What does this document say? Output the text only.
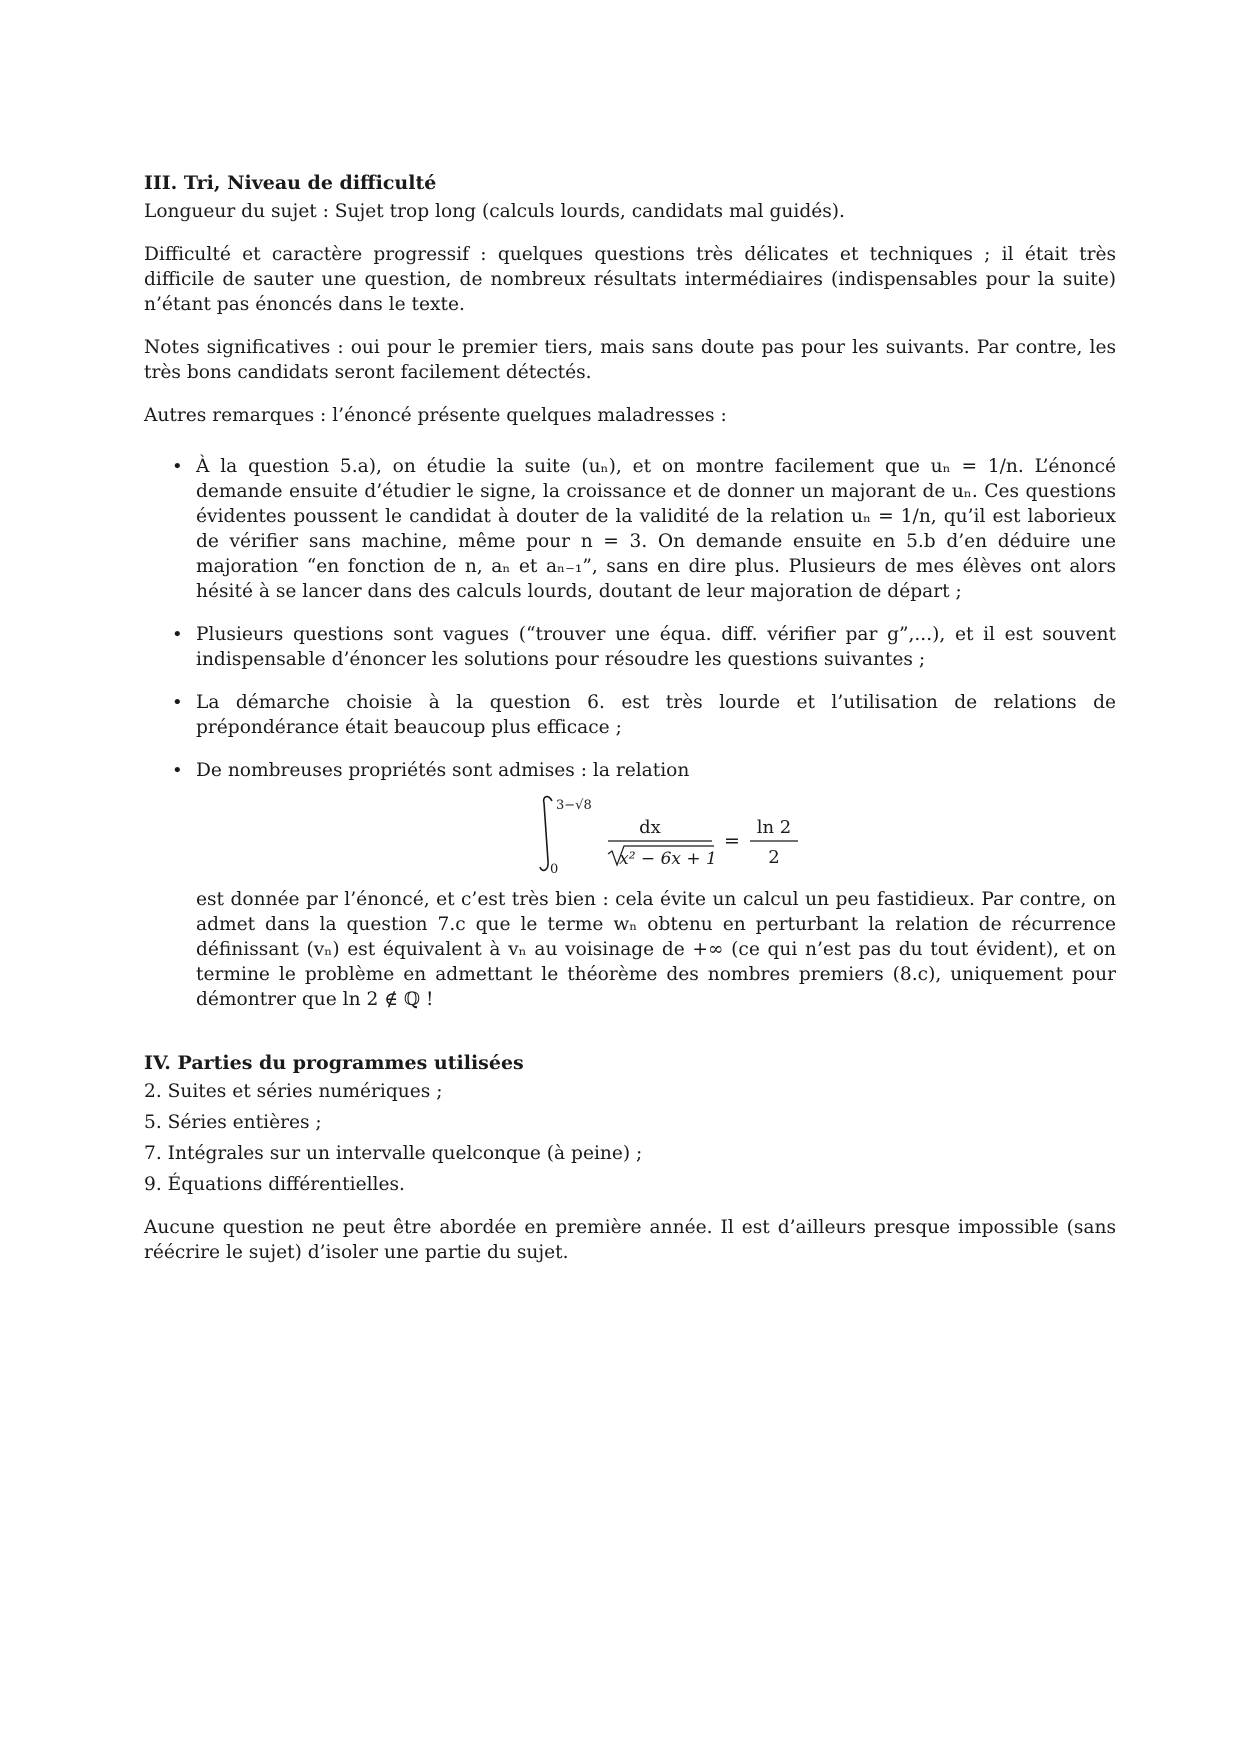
III. Tri, Niveau de difficulté

Longueur du sujet : Sujet trop long (calculs lourds, candidats mal guidés).

Difficulté et caractère progressif : quelques questions très délicates et techniques ; il était très difficile de sauter une question, de nombreux résultats intermédiaires (indispensables pour la suite) n’étant pas énoncés dans le texte.

Notes significatives : oui pour le premier tiers, mais sans doute pas pour les suivants. Par contre, les très bons candidats seront facilement détectés.

Autres remarques : l’énoncé présente quelques maladresses :

• À la question 5.a), on étudie la suite (uₙ), et on montre facilement que uₙ = 1/n. L’énoncé demande ensuite d’étudier le signe, la croissance et de donner un majorant de uₙ. Ces questions évidentes poussent le candidat à douter de la validité de la relation uₙ = 1/n, qu’il est laborieux de vérifier sans machine, même pour n = 3. On demande ensuite en 5.b d’en déduire une majoration “en fonction de n, aₙ et aₙ₋₁”, sans en dire plus. Plusieurs de mes élèves ont alors hésité à se lancer dans des calculs lourds, doutant de leur majoration de départ ;
• Plusieurs questions sont vagues (“trouver une équa. diff. vérifier par g”,...), et il est souvent indispensable d’énoncer les solutions pour résoudre les questions suivantes ;
• La démarche choisie à la question 6. est très lourde et l’utilisation de relations de prépondérance était beaucoup plus efficace ;
• De nombreuses propriétés sont admises : la relation
3−√8
0
dx
x² − 6x + 1
=
ln 2
2
est donnée par l’énoncé, et c’est très bien : cela évite un calcul un peu fastidieux. Par contre, on admet dans la question 7.c que le terme wₙ obtenu en perturbant la relation de récurrence définissant (vₙ) est équivalent à vₙ au voisinage de +∞ (ce qui n’est pas du tout évident), et on termine le problème en admettant le théorème des nombres premiers (8.c), uniquement pour démontrer que ln 2 ∉ ℚ !
IV. Parties du programmes utilisées
2. Suites et séries numériques ;
5. Séries entières ;
7. Intégrales sur un intervalle quelconque (à peine) ;
9. Équations différentielles.

Aucune question ne peut être abordée en première année. Il est d’ailleurs presque impossible (sans réécrire le sujet) d’isoler une partie du sujet.
